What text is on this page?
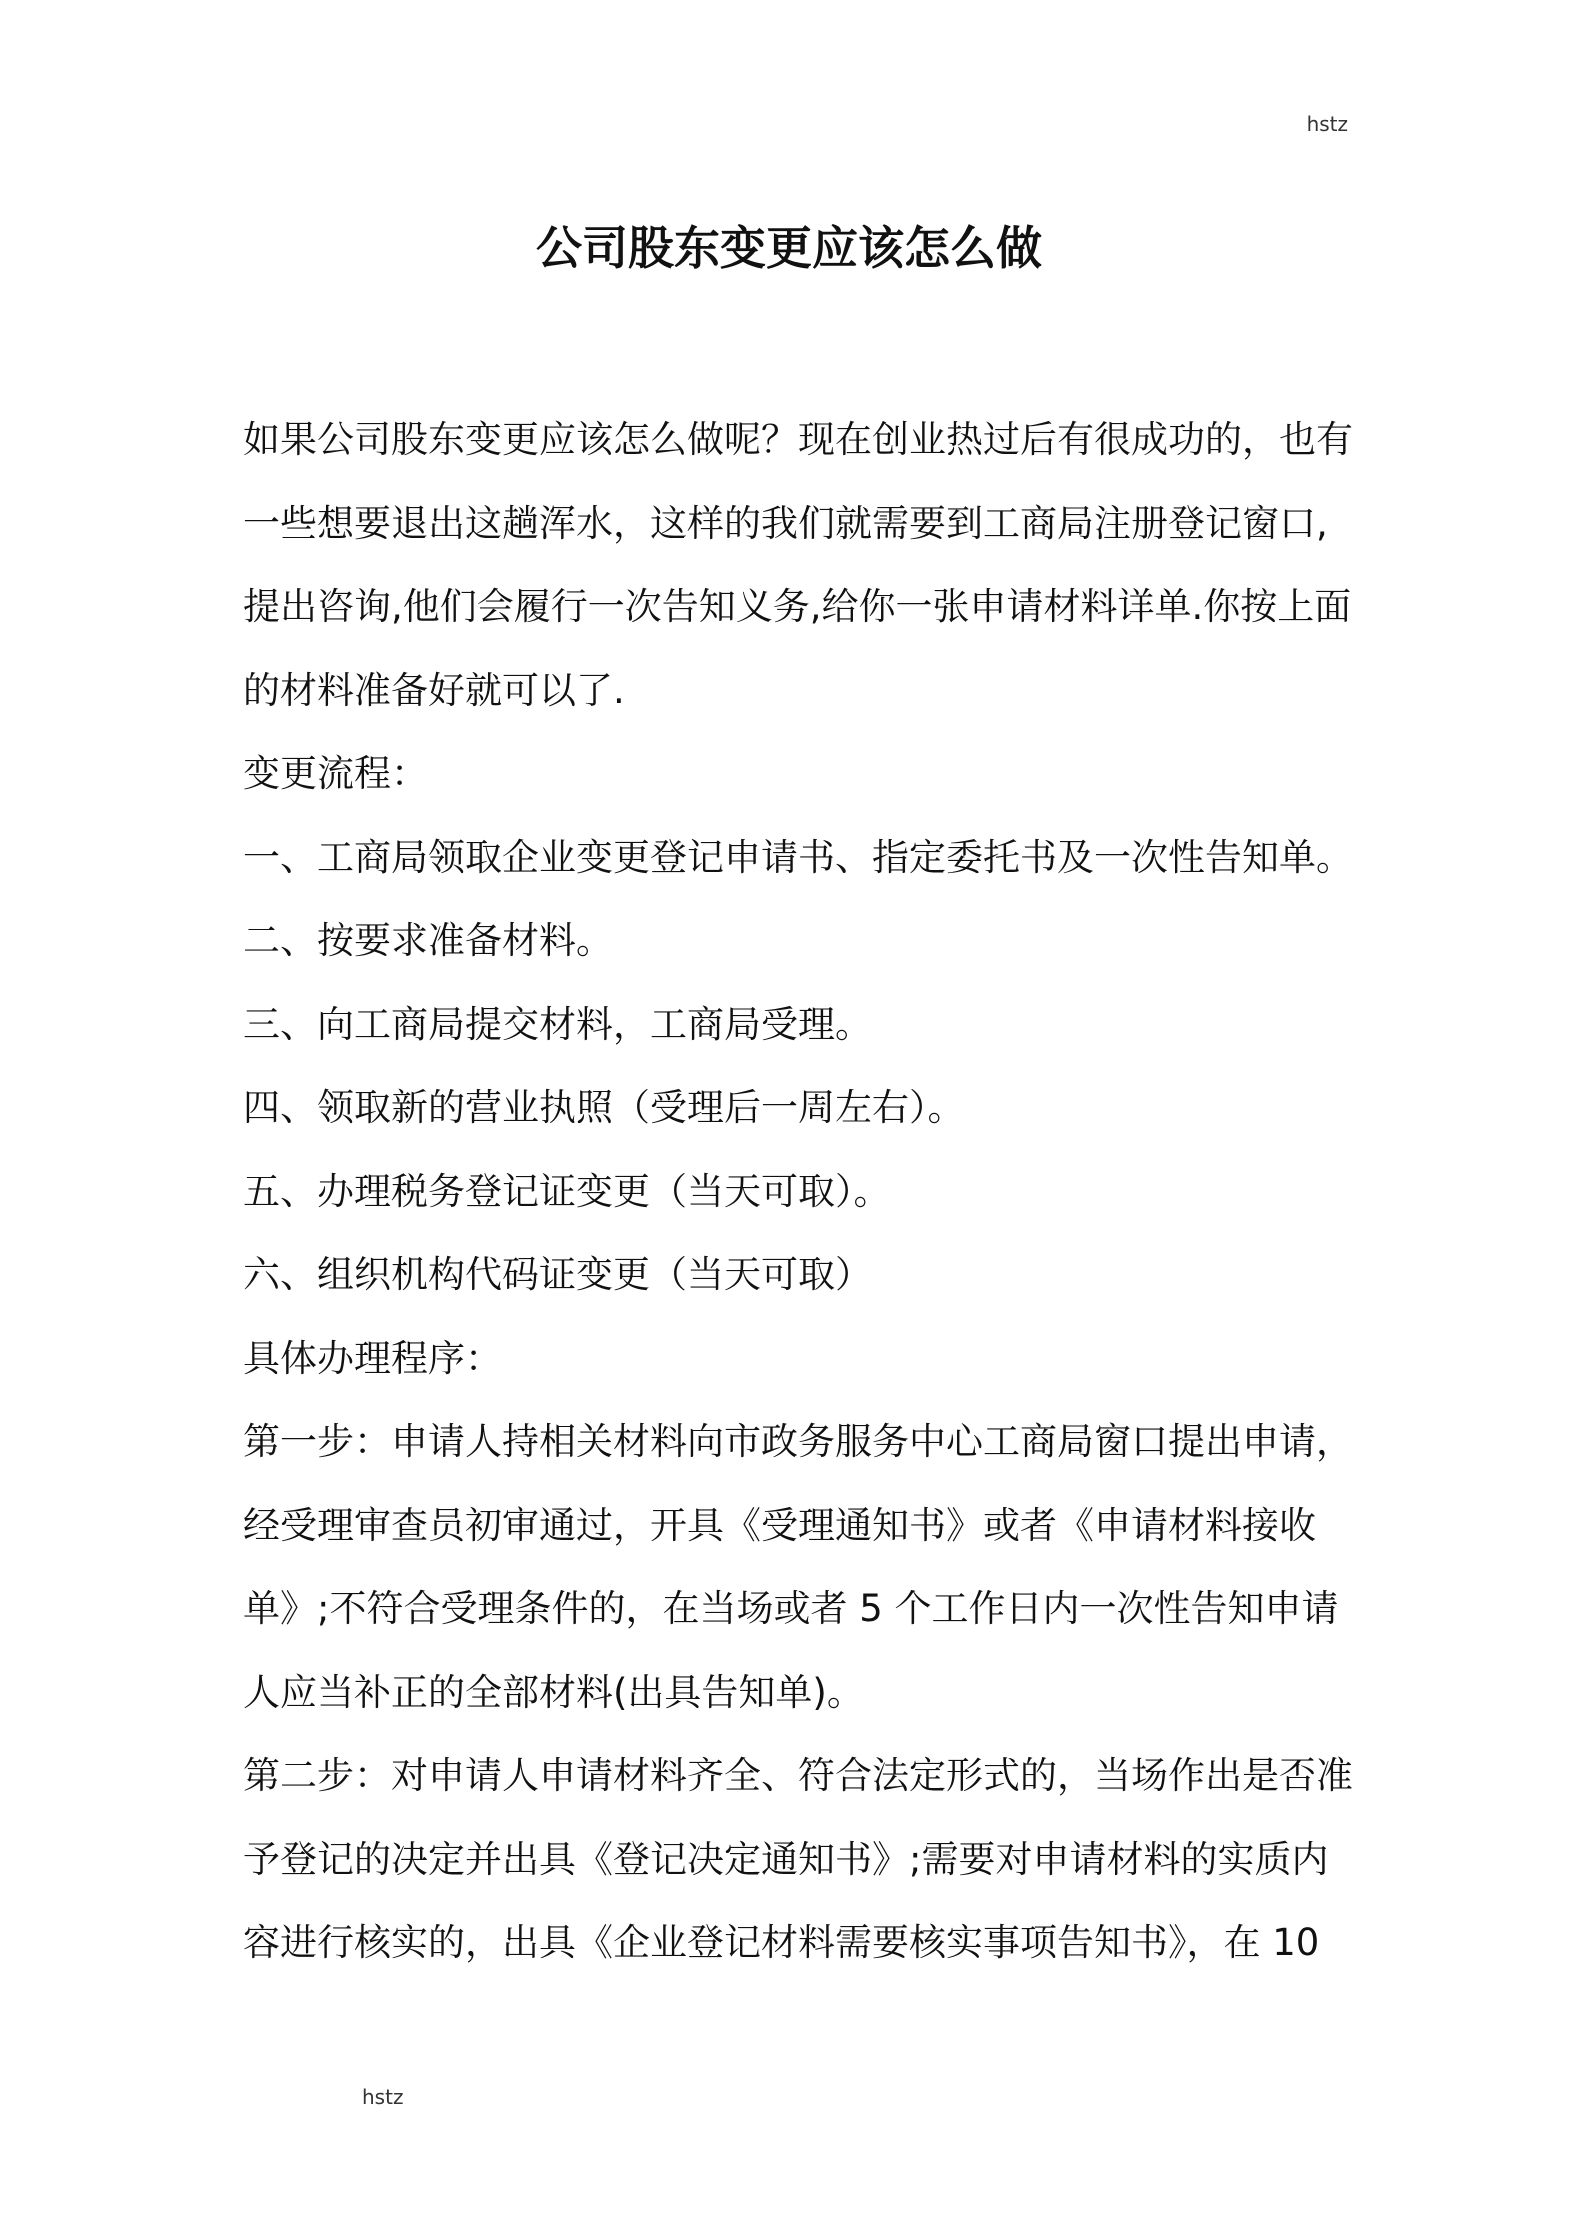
hstz
公司股东变更应该怎么做

如果公司股东变更应该怎么做呢？现在创业热过后有很成功的，也有一些想要退出这趟浑水，这样的我们就需要到工商局注册登记窗口,提出咨询,他们会履行一次告知义务,给你一张申请材料详单.你按上面的材料准备好就可以了.

变更流程：

一、工商局领取企业变更登记申请书、指定委托书及一次性告知单。

二、按要求准备材料。

三、向工商局提交材料，工商局受理。

四、领取新的营业执照（受理后一周左右）。

五、办理税务登记证变更（当天可取）。

六、组织机构代码证变更（当天可取）

具体办理程序：

第一步：申请人持相关材料向市政务服务中心工商局窗口提出申请，经受理审查员初审通过，开具《受理通知书》或者《申请材料接收单》;不符合受理条件的，在当场或者 5 个工作日内一次性告知申请人应当补正的全部材料(出具告知单)。

第二步：对申请人申请材料齐全、符合法定形式的，当场作出是否准予登记的决定并出具《登记决定通知书》;需要对申请材料的实质内容进行核实的，出具《企业登记材料需要核实事项告知书》，在 10

hstz
